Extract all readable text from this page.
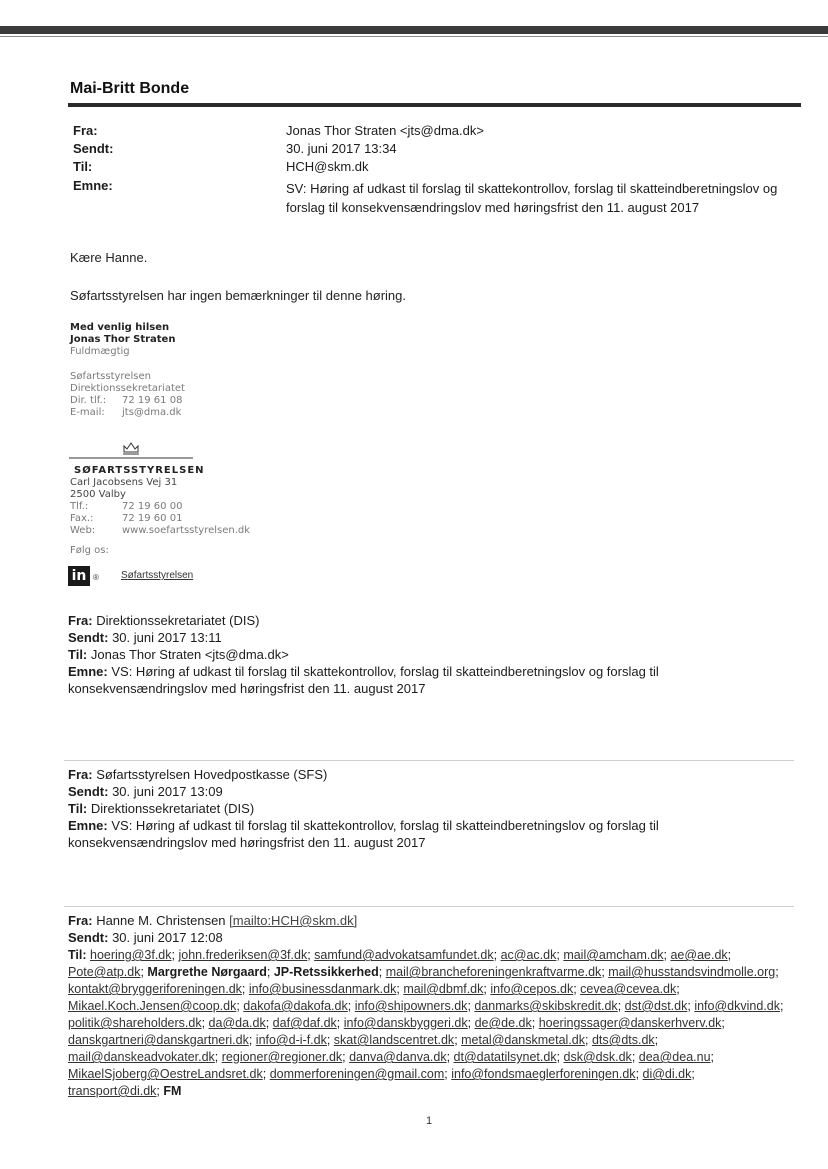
Mai-Britt Bonde
Fra:	Jonas Thor Straten <jts@dma.dk>
Sendt:	30. juni 2017 13:34
Til:	HCH@skm.dk
Emne:	SV: Høring af udkast til forslag til skattekontrollov, forslag til skatteindberetningslov og forslag til konsekvensændringslov med høringsfrist den 11. august 2017
Kære Hanne.
Søfartsstyrelsen har ingen bemærkninger til denne høring.
Med venlig hilsen
Jonas Thor Straten
Fuldmægtig
Søfartsstyrelsen
Direktionssekretariatet
Dir. tlf.:	72 19 61 08
E-mail:	jts@dma.dk
SØFARTSSTYRELSEN
Carl Jacobsens Vej 31
2500 Valby
Tlf.:	72 19 60 00
Fax.:	72 19 60 01
Web:	www.soefartsstyrelsen.dk
Følg os:
in ® Søfartsstyrelsen
Fra: Direktionssekretariatet (DIS)
Sendt: 30. juni 2017 13:11
Til: Jonas Thor Straten <jts@dma.dk>
Emne: VS: Høring af udkast til forslag til skattekontrollov, forslag til skatteindberetningslov og forslag til konsekvensændringslov med høringsfrist den 11. august 2017
Fra: Søfartsstyrelsen Hovedpostkasse (SFS)
Sendt: 30. juni 2017 13:09
Til: Direktionssekretariatet (DIS)
Emne: VS: Høring af udkast til forslag til skattekontrollov, forslag til skatteindberetningslov og forslag til konsekvensændringslov med høringsfrist den 11. august 2017
Fra: Hanne M. Christensen [mailto:HCH@skm.dk]
Sendt: 30. juni 2017 12:08
Til: hoering@3f.dk; john.frederiksen@3f.dk; samfund@advokatsamfundet.dk; ac@ac.dk; mail@amcham.dk; ae@ae.dk; Pote@atp.dk; Margrethe Nørgaard; JP-Retssikkerhed; mail@brancheforeningenkraftvarme.dk; mail@husstandsvindmolle.org; kontakt@bryggeriforeningen.dk; info@businessdanmark.dk; mail@dbmf.dk; info@cepos.dk; cevea@cevea.dk; Mikael.Koch.Jensen@coop.dk; dakofa@dakofa.dk; info@shipowners.dk; danmarks@skibskredit.dk; dst@dst.dk; info@dkvind.dk; politik@shareholders.dk; da@da.dk; daf@daf.dk; info@danskbyggeri.dk; de@de.dk; hoeringssager@danskerhverv.dk; danskgartneri@danskgartneri.dk; info@d-i-f.dk; skat@landscentret.dk; metal@danskmetal.dk; dts@dts.dk; mail@danskeadvokater.dk; regioner@regioner.dk; danva@danva.dk; dt@datatilsynet.dk; dsk@dsk.dk; dea@dea.nu; MikaelSjoberg@OestreLandsret.dk; dommerforeningen@gmail.com; info@fondsmaeglerforeningen.dk; di@di.dk; transport@di.dk; FM
1
